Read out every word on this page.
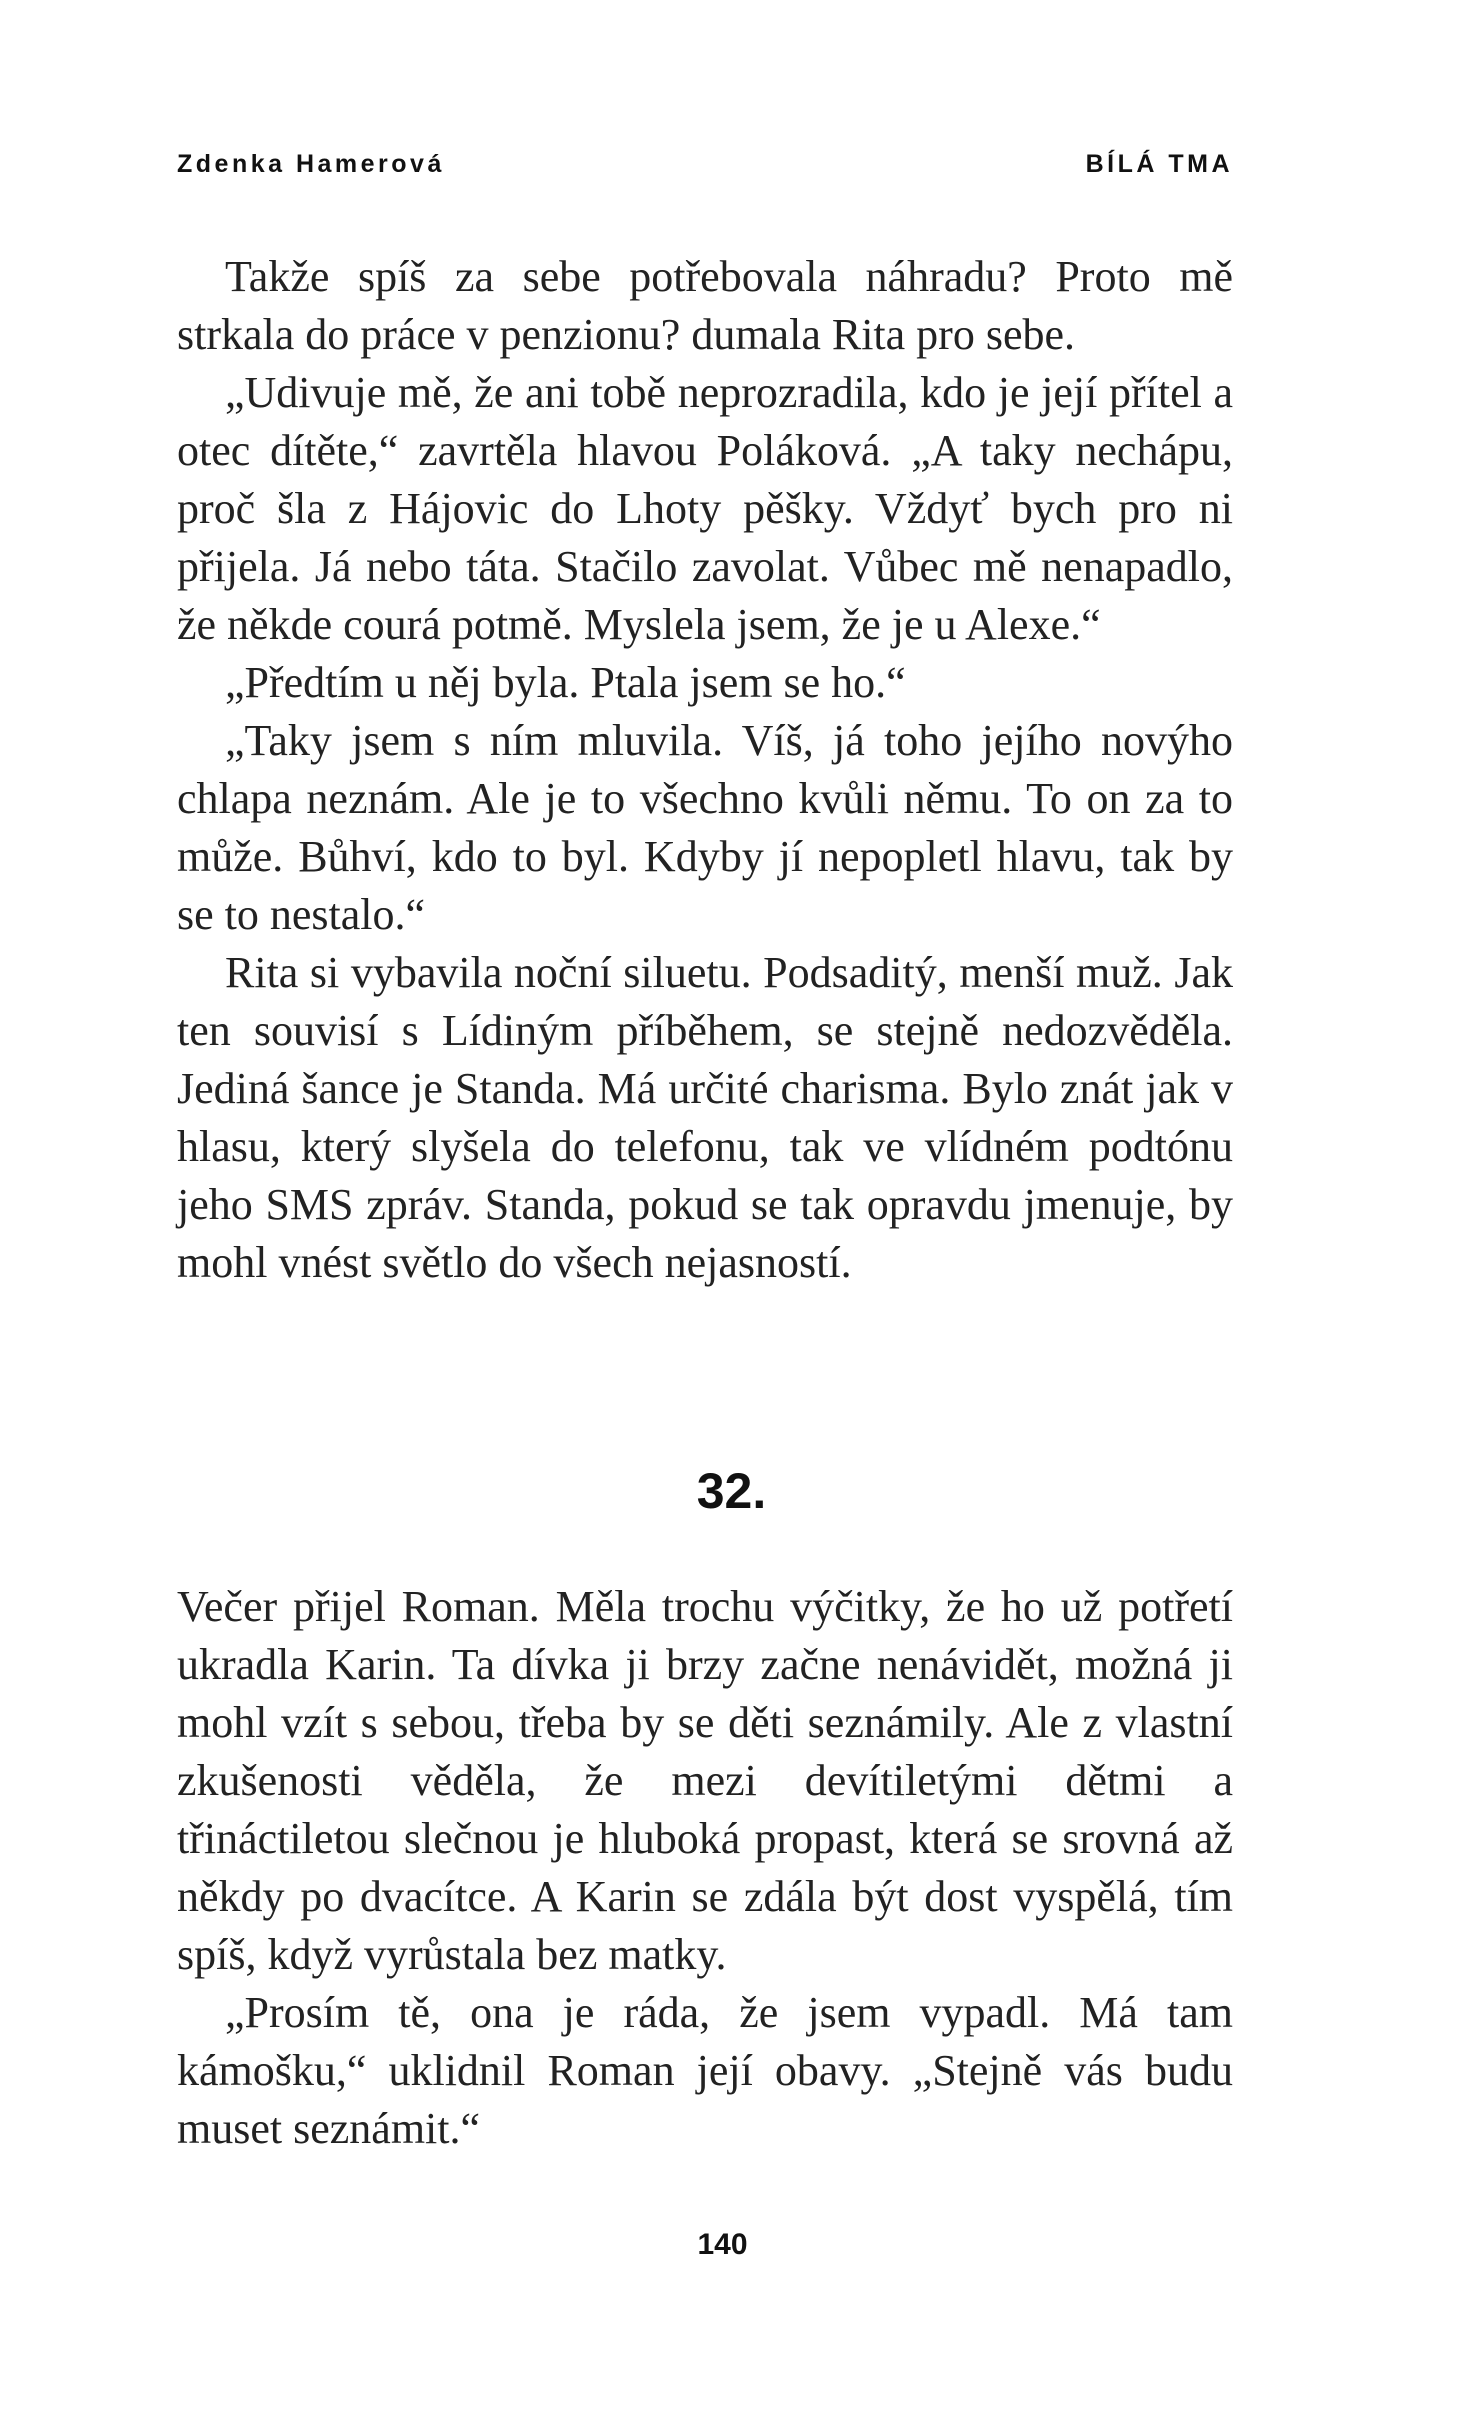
Zdenka Hamerová	BÍLÁ TMA

Takže spíš za sebe potřebovala náhradu? Proto mě strkala do práce v penzionu? dumala Rita pro sebe.

„Udivuje mě, že ani tobě neprozradila, kdo je její přítel a otec dítěte,“ zavrtěla hlavou Poláková. „A taky nechápu, proč šla z Hájovic do Lhoty pěšky. Vždyť bych pro ni přijela. Já nebo táta. Stačilo zavolat. Vůbec mě nenapadlo, že někde courá potmě. Myslela jsem, že je u Alexe.“

„Předtím u něj byla. Ptala jsem se ho.“

„Taky jsem s ním mluvila. Víš, já toho jejího novýho chlapa neznám. Ale je to všechno kvůli němu. To on za to může. Bůhví, kdo to byl. Kdyby jí nepopletl hlavu, tak by se to nestalo.“

Rita si vybavila noční siluetu. Podsaditý, menší muž. Jak ten souvisí s Lídiným příběhem, se stejně nedozvěděla. Jediná šance je Standa. Má určité charisma. Bylo znát jak v hlasu, který slyšela do telefonu, tak ve vlídném podtónu jeho SMS zpráv. Standa, pokud se tak opravdu jmenuje, by mohl vnést světlo do všech nejasností.

32.

Večer přijel Roman. Měla trochu výčitky, že ho už potřetí ukradla Karin. Ta dívka ji brzy začne nenávidět, možná ji mohl vzít s sebou, třeba by se děti seznámily. Ale z vlastní zkušenosti věděla, že mezi devítiletými dětmi a třináctiletou slečnou je hluboká propast, která se srovná až někdy po dvacítce. A Karin se zdála být dost vyspělá, tím spíš, když vyrůstala bez matky.

„Prosím tě, ona je ráda, že jsem vypadl. Má tam kámošku,“ uklidnil Roman její obavy. „Stejně vás budu muset seznámit.“

140
